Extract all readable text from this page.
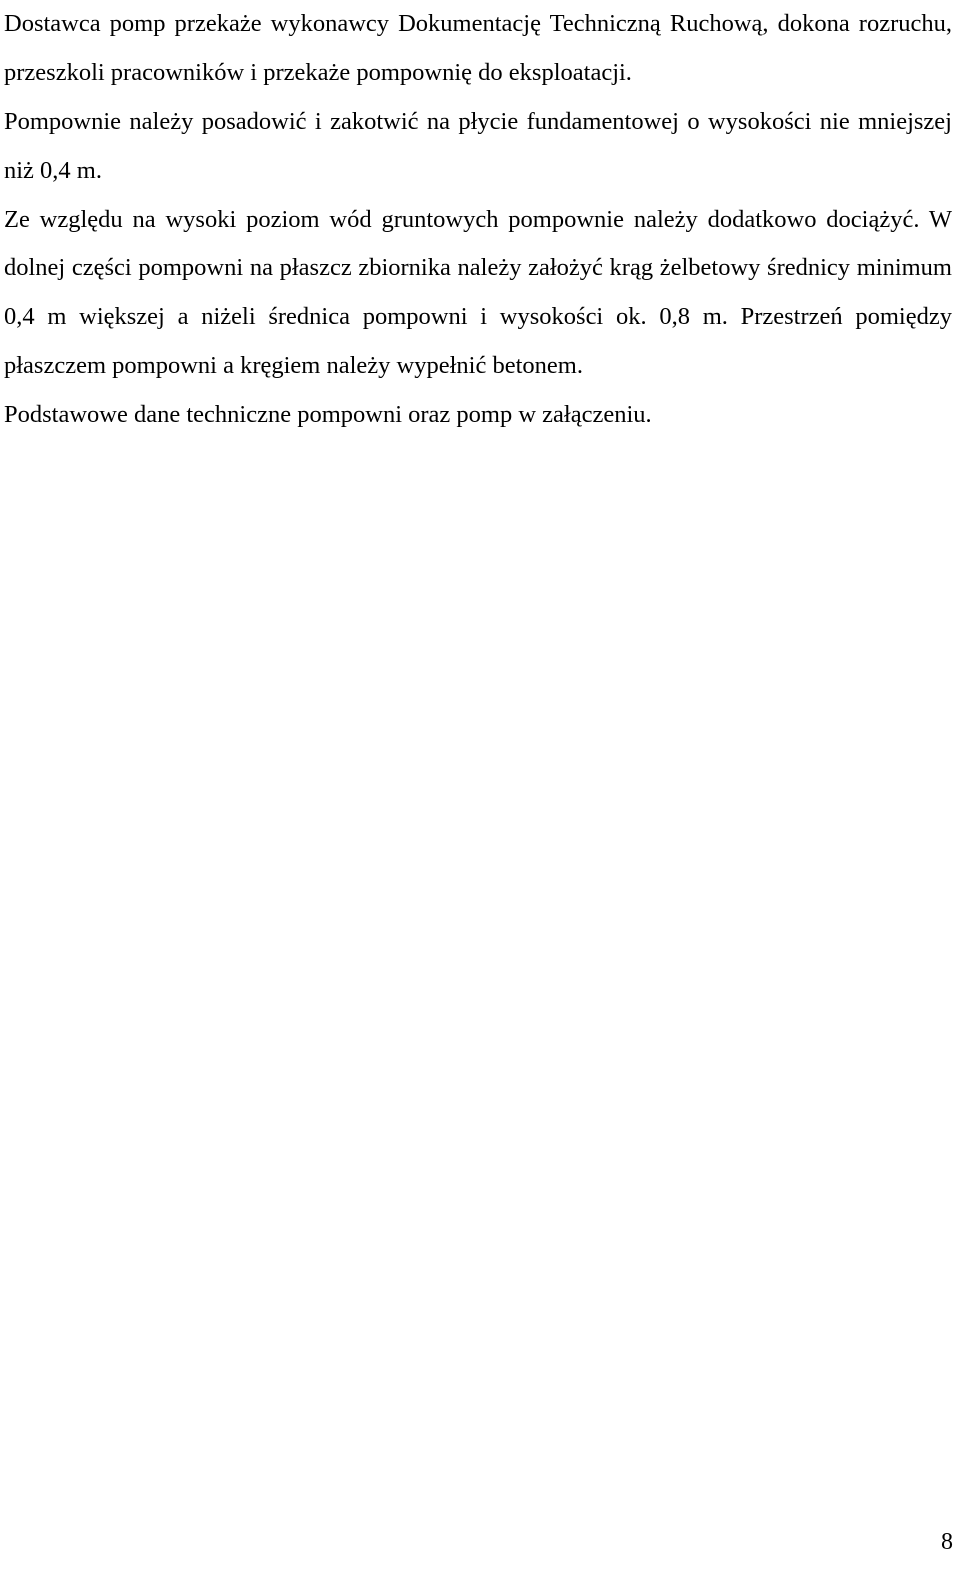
Dostawca pomp przekaże wykonawcy Dokumentację Techniczną Ruchową, dokona rozruchu, przeszkoli pracowników i przekaże pompownię do eksploatacji.

Pompownie należy posadowić i zakotwić na płycie fundamentowej o wysokości nie mniejszej niż 0,4 m.

Ze względu na wysoki poziom wód gruntowych pompownie należy dodatkowo dociążyć. W dolnej części pompowni na płaszcz zbiornika należy założyć krąg żelbetowy średnicy minimum 0,4 m większej a niżeli średnica pompowni i wysokości ok. 0,8 m. Przestrzeń pomiędzy płaszczem pompowni a kręgiem należy wypełnić betonem.

Podstawowe dane techniczne pompowni oraz pomp w załączeniu.

8
